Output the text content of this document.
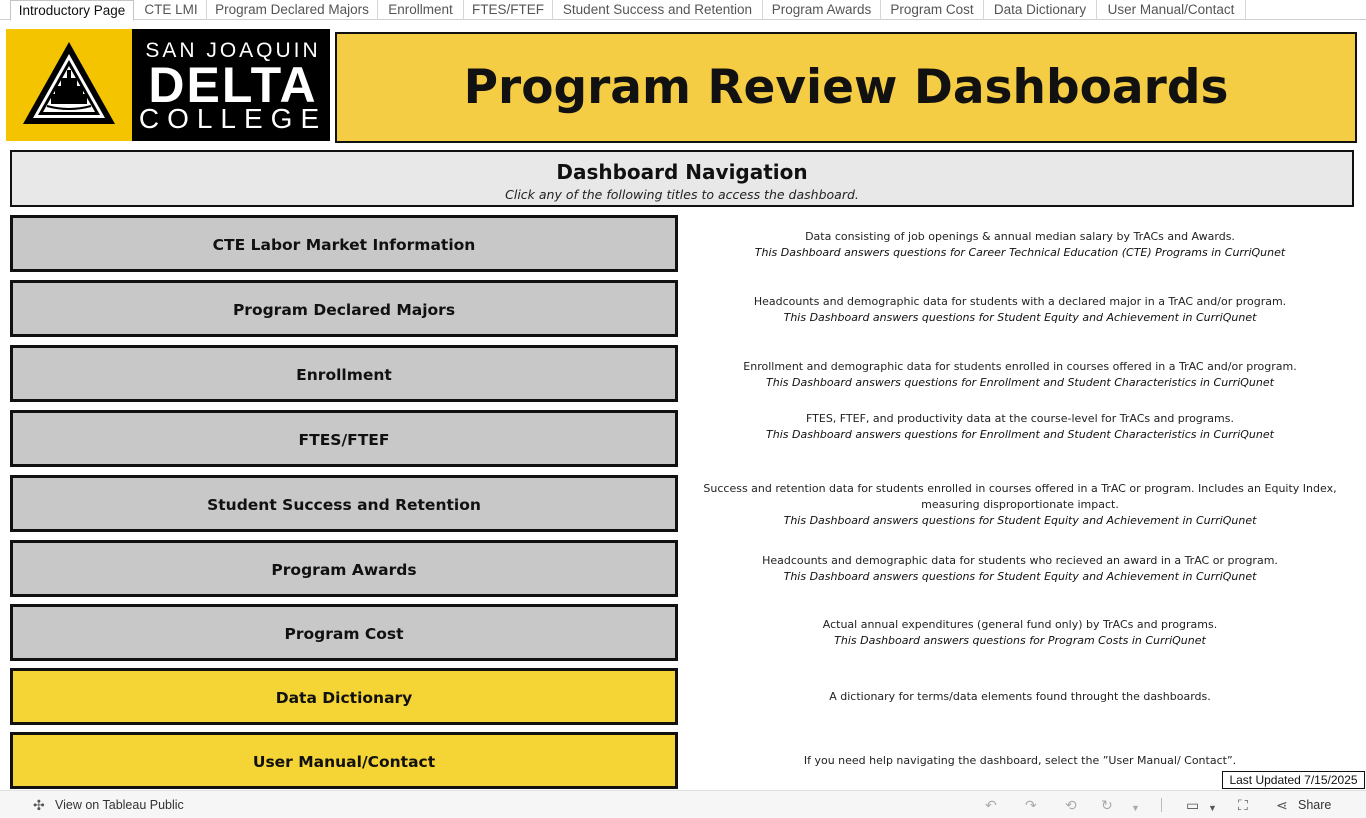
Introductory Page	CTE LMI	Program Declared Majors	Enrollment	FTES/FTEF	Student Success and Retention	Program Awards	Program Cost	Data Dictionary	User Manual/Contact
SAN JOAQUIN
DELTA
COLLEGE
Program Review Dashboards
Dashboard Navigation
Click any of the following titles to access the dashboard.
CTE Labor Market Information
Program Declared Majors
Enrollment
FTES/FTEF
Student Success and Retention
Program Awards
Program Cost
Data Dictionary
User Manual/Contact
Data consisting of job openings & annual median salary by TrACs and Awards.
This Dashboard answers questions for Career Technical Education (CTE) Programs in CurriQunet
Headcounts and demographic data for students with a declared major in a TrAC and/or program.
This Dashboard answers questions for Student Equity and Achievement in CurriQunet
Enrollment and demographic data for students enrolled in courses offered in a TrAC and/or program.
This Dashboard answers questions for Enrollment and Student Characteristics in CurriQunet
FTES, FTEF, and productivity data at the course-level for TrACs and programs.
This Dashboard answers questions for Enrollment and Student Characteristics in CurriQunet
Success and retention data for students enrolled in courses offered in a TrAC or program. Includes an Equity Index, measuring disproportionate impact.
This Dashboard answers questions for Student Equity and Achievement in CurriQunet
Headcounts and demographic data for students who recieved an award in a TrAC or program.
This Dashboard answers questions for Student Equity and Achievement in CurriQunet
Actual annual expenditures (general fund only) by TrACs and programs.
This Dashboard answers questions for Program Costs in CurriQunet
A dictionary for terms/data elements found throught the dashboards.
If you need help navigating the dashboard, select the ”User Manual/ Contact”.
Last Updated 7/15/2025
✣ View on Tableau Public	↶ ↷ ⟲ ↻ ▼	▭ ▼ ⛶ ⋖ Share
